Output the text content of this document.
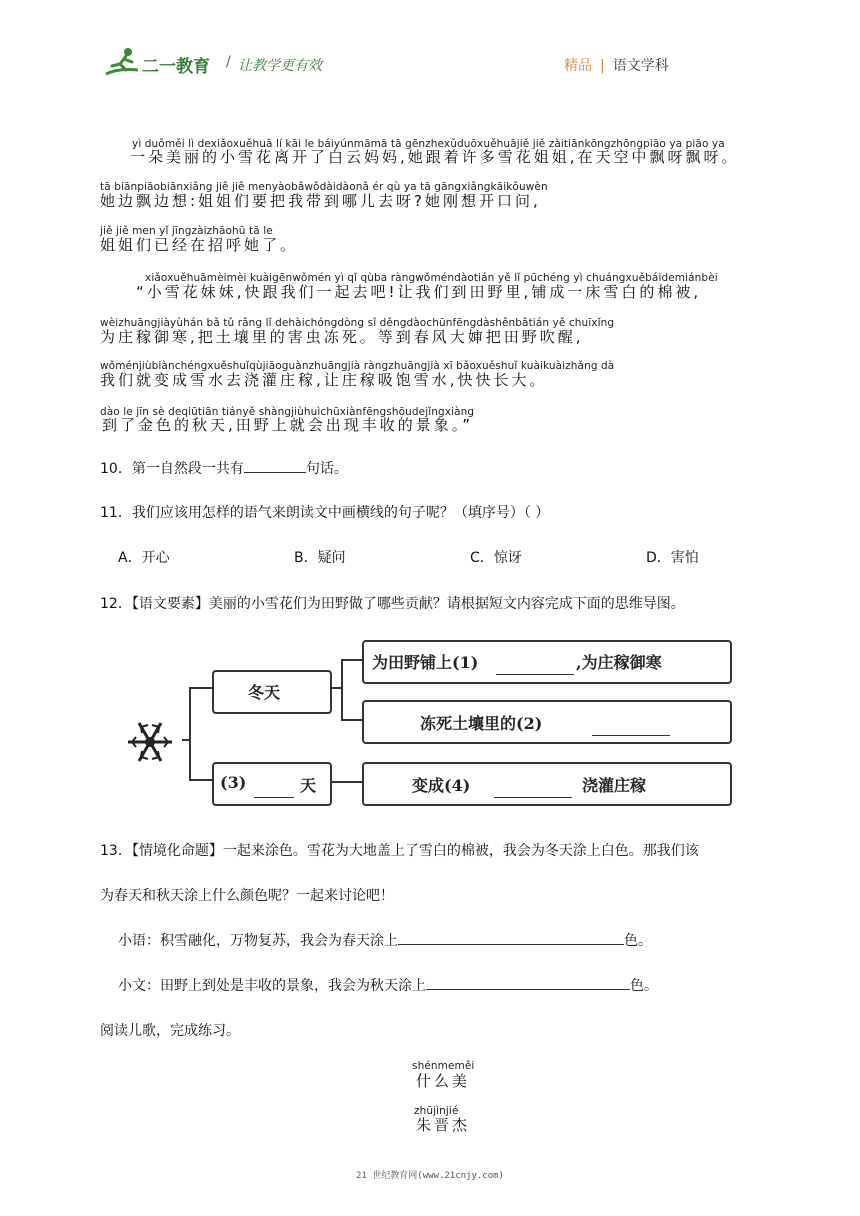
二一教育 / 让教学更有效	精品 | 语文学科
yì duǒměi lì dexiǎoxuěhuā lí kāi le báiyúnmāmā tā gēnzhexǔduōxuěhuājiě jiě zàitiānkōngzhōngpiāo ya piāo ya
一朵美丽的小雪花离开了白云妈妈,她跟着许多雪花姐姐,在天空中飘呀飘呀。
tā biānpiāobiānxiǎng jiě jiě menyàobǎwǒdàidàonǎ ér qù ya tā gāngxiǎngkāikǒuwèn
她边飘边想:姐姐们要把我带到哪儿去呀?她刚想开口问,
jiě jiě men yǐ jīngzàizhāohū tā le
姐姐们已经在招呼她了。
xiǎoxuěhuāmèimèi kuàigēnwǒmén yì qǐ qùba ràngwǒméndàotián yě lǐ pūchéng yì chuángxuěbáidemiánbèi
“小雪花妹妹,快跟我们一起去吧!让我们到田野里,铺成一床雪白的棉被,
wèizhuāngjiàyùhán bǎ tǔ rǎng lǐ dehàichóngdòng sǐ děngdàochūnfēngdàshěnbǎtián yě chuīxǐng
为庄稼御寒,把土壤里的害虫冻死。等到春风大婶把田野吹醒,
wǒménjiùbiànchéngxuěshuǐqùjiāoguànzhuāngjià ràngzhuāngjià xī bǎoxuěshuǐ kuàikuàizhǎng dà
我们就变成雪水去浇灌庄稼,让庄稼吸饱雪水,快快长大。
dào le jīn sè deqiūtiān tiányě shàngjiùhuìchūxiànfēngshōudejǐngxiàng
到了金色的秋天,田野上就会出现丰收的景象。”
10．第一自然段一共有	句话。
11．我们应该用怎样的语气来朗读文中画横线的句子呢？（填序号）（ ）
A．开心	B．疑问	C．惊讶	D．害怕
12．【语文要素】美丽的小雪花们为田野做了哪些贡献？请根据短文内容完成下面的思维导图。
冬天
(3)	天
为田野铺上(1)	,为庄稼御寒
冻死土壤里的(2)
变成(4)	浇灌庄稼
13．【情境化命题】一起来涂色。雪花为大地盖上了雪白的棉被，我会为冬天涂上白色。那我们该
为春天和秋天涂上什么颜色呢？一起来讨论吧！
小语：积雪融化，万物复苏，我会为春天涂上	色。
小文：田野上到处是丰收的景象，我会为秋天涂上	色。
阅读儿歌，完成练习。
shénmeměi
什么美
zhūjìnjié
朱晋杰
21 世纪教育网(www.21cnjy.com)
